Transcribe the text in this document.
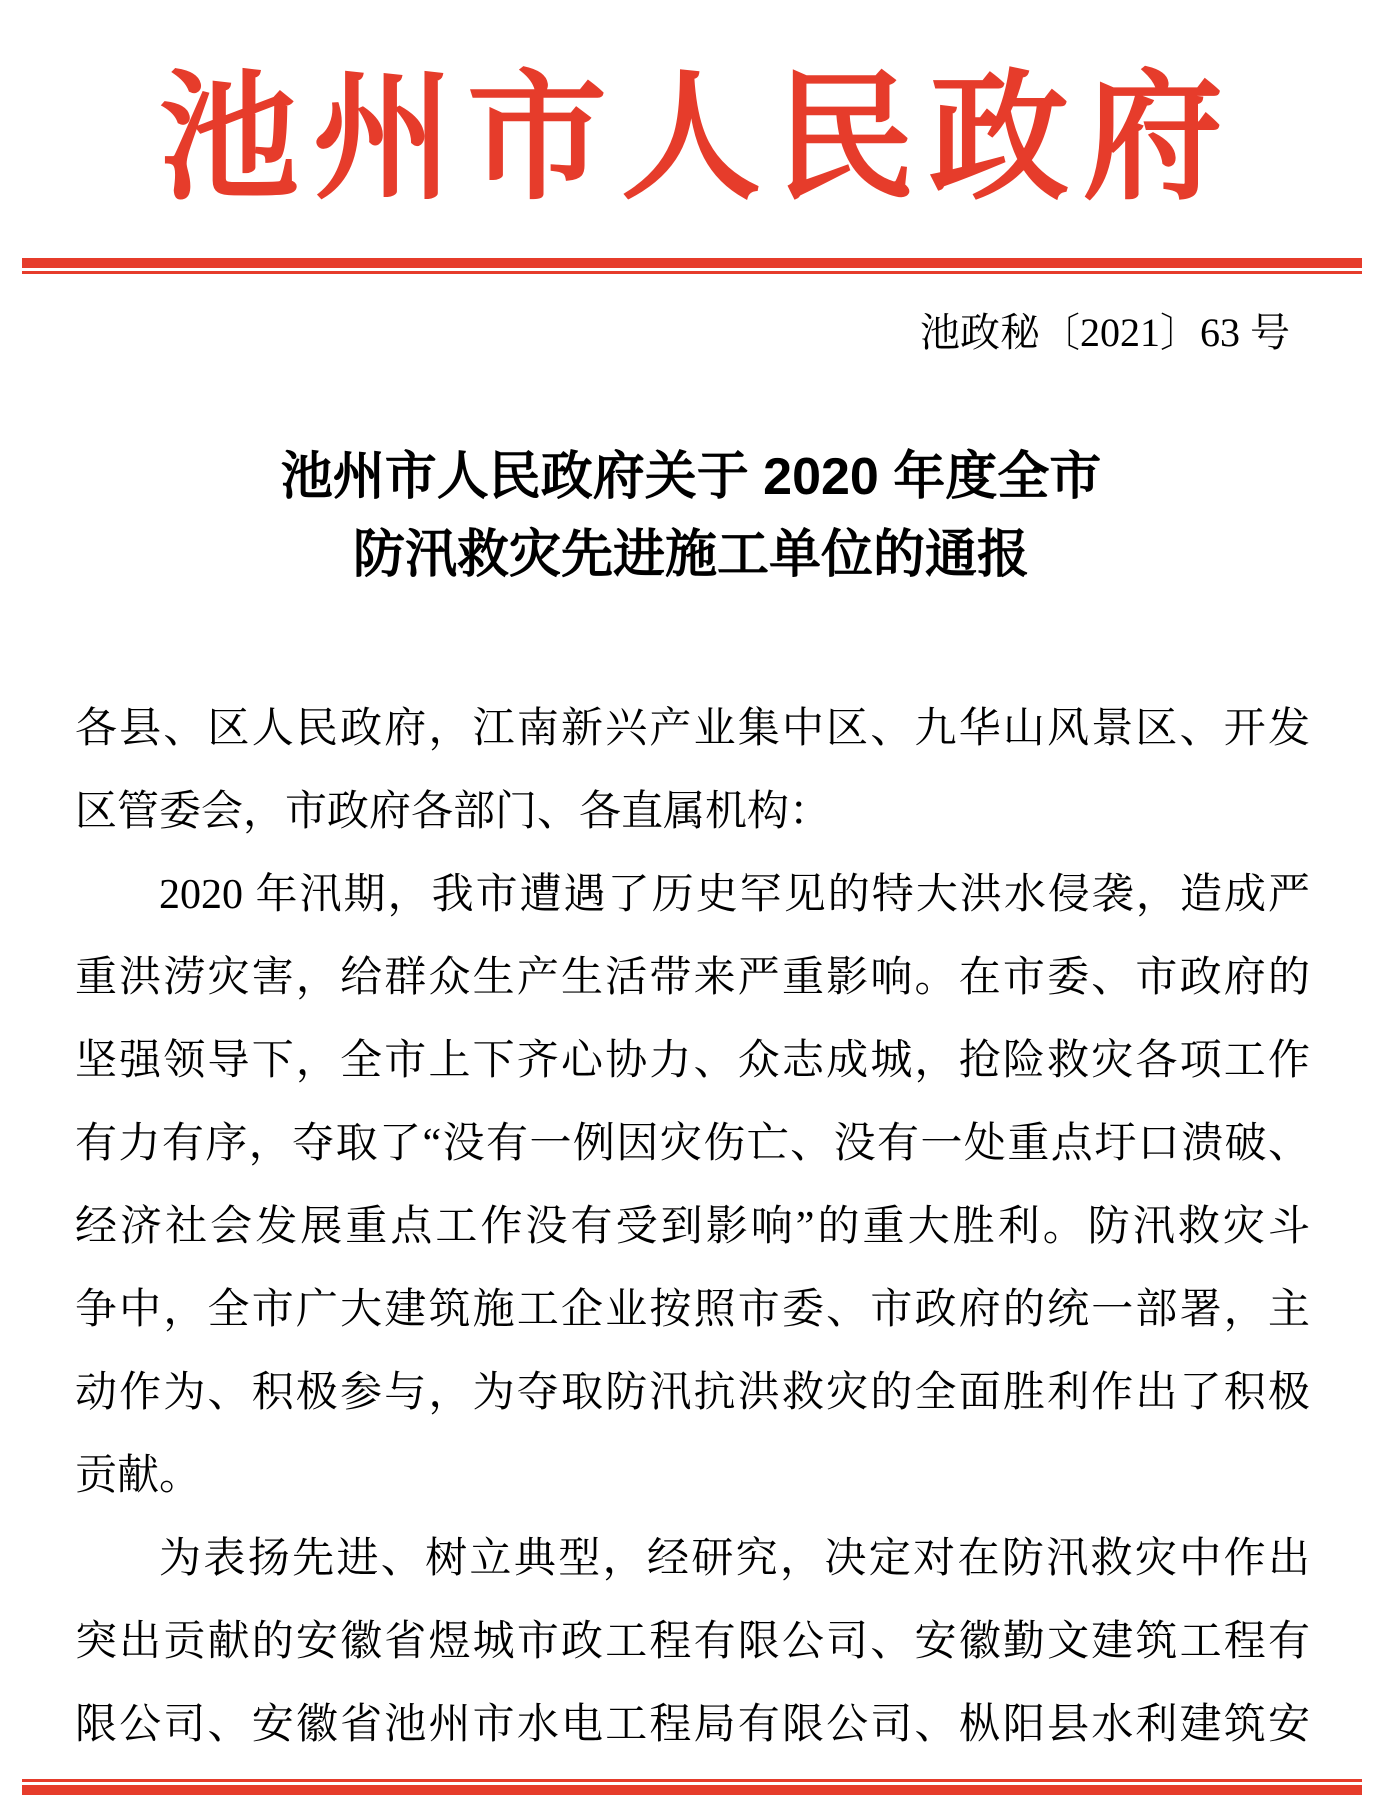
池州市人民政府
池政秘〔2021〕63 号
池州市人民政府关于 2020 年度全市
防汛救灾先进施工单位的通报
各县、区人民政府，江南新兴产业集中区、九华山风景区、开发
区管委会，市政府各部门、各直属机构：
2020 年汛期，我市遭遇了历史罕见的特大洪水侵袭，造成严
重洪涝灾害，给群众生产生活带来严重影响。在市委、市政府的
坚强领导下，全市上下齐心协力、众志成城，抢险救灾各项工作
有力有序，夺取了“没有一例因灾伤亡、没有一处重点圩口溃破、
经济社会发展重点工作没有受到影响”的重大胜利。防汛救灾斗
争中，全市广大建筑施工企业按照市委、市政府的统一部署，主
动作为、积极参与，为夺取防汛抗洪救灾的全面胜利作出了积极
贡献。
为表扬先进、树立典型，经研究，决定对在防汛救灾中作出
突出贡献的安徽省煜城市政工程有限公司、安徽勤文建筑工程有
限公司、安徽省池州市水电工程局有限公司、枞阳县水利建筑安
